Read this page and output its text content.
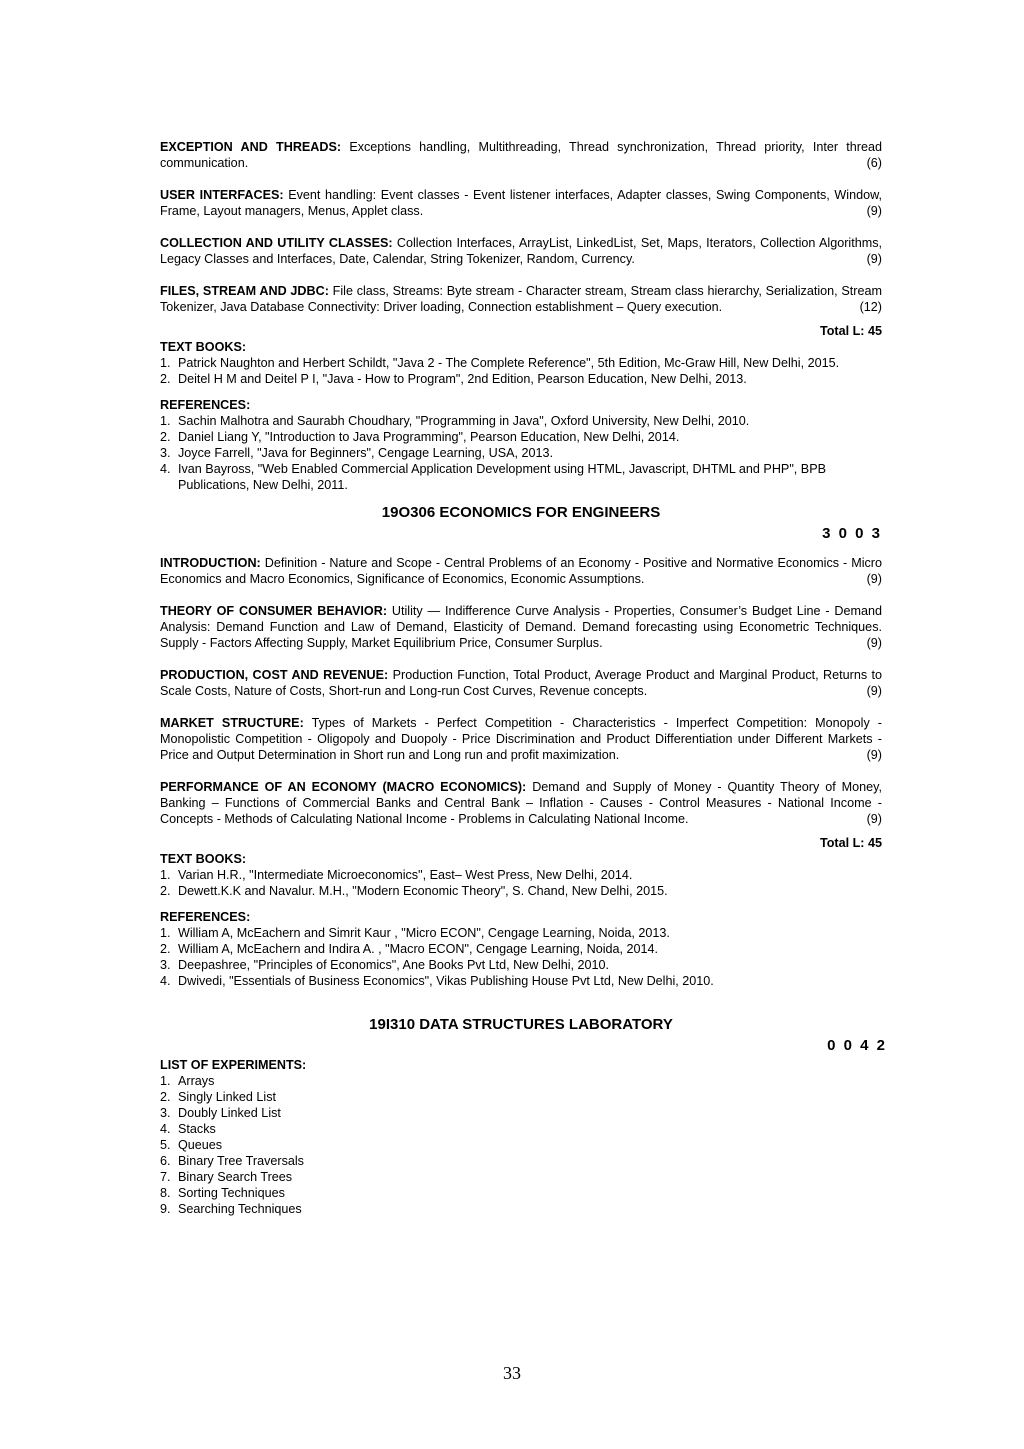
EXCEPTION AND THREADS: Exceptions handling, Multithreading, Thread synchronization, Thread priority, Inter thread communication.	(6)

USER INTERFACES: Event handling: Event classes - Event listener interfaces, Adapter classes, Swing Components, Window, Frame, Layout managers, Menus, Applet class.	(9)

COLLECTION AND UTILITY CLASSES: Collection Interfaces, ArrayList, LinkedList, Set, Maps, Iterators, Collection Algorithms, Legacy Classes and Interfaces, Date, Calendar, String Tokenizer, Random, Currency.	(9)

FILES, STREAM AND JDBC: File class, Streams: Byte stream - Character stream, Stream class hierarchy, Serialization, Stream Tokenizer, Java Database Connectivity: Driver loading, Connection establishment – Query execution.	(12)

Total L: 45

TEXT BOOKS:

1. Patrick Naughton and Herbert Schildt, "Java 2 - The Complete Reference", 5th Edition, Mc-Graw Hill, New Delhi, 2015.
2. Deitel H M and Deitel P I, "Java - How to Program", 2nd Edition, Pearson Education, New Delhi, 2013.

REFERENCES:

1. Sachin Malhotra and Saurabh Choudhary, "Programming in Java", Oxford University, New Delhi, 2010.
2. Daniel Liang Y, "Introduction to Java Programming", Pearson Education, New Delhi, 2014.
3. Joyce Farrell, "Java for Beginners", Cengage Learning, USA, 2013.
4. Ivan Bayross, "Web Enabled Commercial Application Development using HTML, Javascript, DHTML and PHP", BPB Publications, New Delhi, 2011.
19O306 ECONOMICS FOR ENGINEERS
3 0 0 3

INTRODUCTION: Definition - Nature and Scope - Central Problems of an Economy - Positive and Normative Economics - Micro Economics and Macro Economics, Significance of Economics, Economic Assumptions.	(9)

THEORY OF CONSUMER BEHAVIOR: Utility — Indifference Curve Analysis - Properties, Consumer’s Budget Line - Demand Analysis: Demand Function and Law of Demand, Elasticity of Demand. Demand forecasting using Econometric Techniques. Supply - Factors Affecting Supply, Market Equilibrium Price, Consumer Surplus.	(9)

PRODUCTION, COST AND REVENUE: Production Function, Total Product, Average Product and Marginal Product, Returns to Scale Costs, Nature of Costs, Short-run and Long-run Cost Curves, Revenue concepts.	(9)

MARKET STRUCTURE: Types of Markets - Perfect Competition - Characteristics - Imperfect Competition: Monopoly - Monopolistic Competition - Oligopoly and Duopoly - Price Discrimination and Product Differentiation under Different Markets - Price and Output Determination in Short run and Long run and profit maximization.	(9)

PERFORMANCE OF AN ECONOMY (MACRO ECONOMICS): Demand and Supply of Money - Quantity Theory of Money, Banking – Functions of Commercial Banks and Central Bank – Inflation - Causes - Control Measures - National Income - Concepts - Methods of Calculating National Income - Problems in Calculating National Income.	(9)

Total L: 45

TEXT BOOKS:

1. Varian H.R., "Intermediate Microeconomics", East– West Press, New Delhi, 2014.
2. Dewett.K.K and Navalur. M.H., "Modern Economic Theory", S. Chand, New Delhi, 2015.

REFERENCES:

1. William A, McEachern and Simrit Kaur , "Micro ECON", Cengage Learning, Noida, 2013.
2. William A, McEachern and Indira A. , "Macro ECON", Cengage Learning, Noida, 2014.
3. Deepashree, "Principles of Economics", Ane Books Pvt Ltd, New Delhi, 2010.
4. Dwivedi, "Essentials of Business Economics", Vikas Publishing House Pvt Ltd, New Delhi, 2010.
19I310 DATA STRUCTURES LABORATORY
0 0 4 2

LIST OF EXPERIMENTS:

1. Arrays
2. Singly Linked List
3. Doubly Linked List
4. Stacks
5. Queues
6. Binary Tree Traversals
7. Binary Search Trees
8. Sorting Techniques
9. Searching Techniques
33
